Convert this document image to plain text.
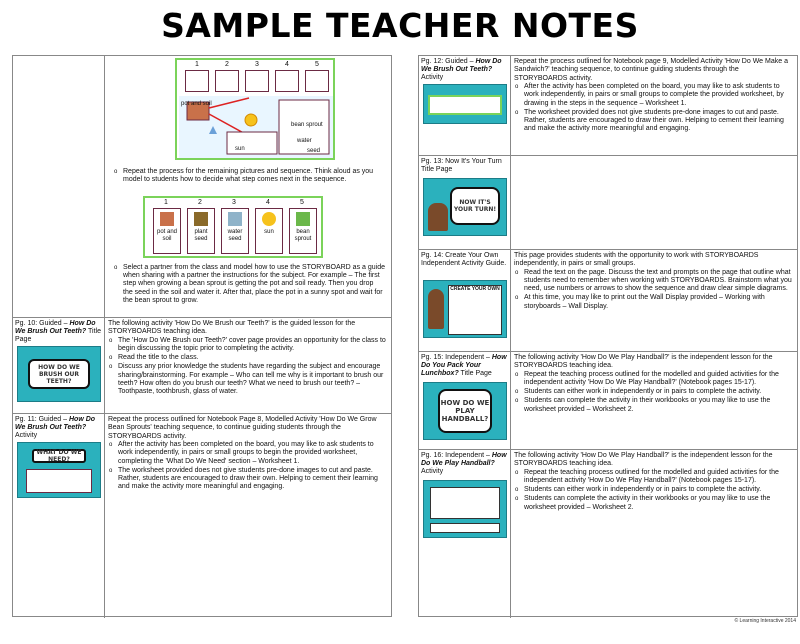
SAMPLE TEACHER NOTES
1	2	3	4	5
pot and soil
bean sprout
water
sun	seed
o Repeat the process for the remaining pictures and sequence. Think aloud as you model to students how to decide what step comes next in the sequence.
1	2	3	4	5
pot and soil
plant seed
water seed
sun	bean sprout
o Select a partner from the class and model how to use the STORYBOARD as a guide when sharing with a partner the instructions for the subject. For example – The first step when growing a bean sprout is getting the pot and soil ready. Then you drop the seed in the soil and water it. After that, place the pot in a sunny spot and wait for the bean sprout to grow.
Pg. 10: Guided – How Do We Brush Out Teeth? Title Page
HOW DO WE BRUSH OUR TEETH?
The following activity 'How Do We Brush our Teeth?' is the guided lesson for the STORYBOARDS teaching idea.
o The 'How Do We Brush our Teeth?' cover page provides an opportunity for the class to begin discussing the topic prior to completing the activity.
o Read the title to the class.
o Discuss any prior knowledge the students have regarding the subject and encourage sharing/brainstorming. For example – Who can tell me why is it important to brush our teeth? How often do you brush our teeth? What we need to brush our teeth? – Toothpaste, toothbrush, glass of water.
Pg. 11: Guided – How Do We Brush Out Teeth? Activity
WHAT DO WE NEED?
Repeat the process outlined for Notebook Page 8, Modelled Activity 'How Do We Grow Bean Sprouts' teaching sequence, to continue guiding students through the STORYBOARDS activity.
o After the activity has been completed on the board, you may like to ask students to work independently, in pairs or small groups to begin the provided worksheet, completing the 'What Do We Need' section – Worksheet 1.
o The worksheet provided does not give students pre-done images to cut and paste. Rather, students are encouraged to draw their own. Helping to cement their learning and make the activity more meaningful and engaging.
Pg. 12: Guided – How Do We Brush Out Teeth? Activity
Repeat the process outlined for Notebook page 9, Modelled Activity 'How Do We Make a Sandwich?' teaching sequence, to continue guiding students through the STORYBOARDS activity.
o After the activity has been completed on the board, you may like to ask students to work independently, in pairs or small groups to complete the provided worksheet, by drawing in the steps in the sequence – Worksheet 1.
o The worksheet provided does not give students pre-done images to cut and paste. Rather, students are encouraged to draw their own. Helping to cement their learning and make the activity more meaningful and engaging.
Pg. 13: Now It's Your Turn Title Page
NOW IT'S YOUR TURN!
Pg. 14: Create Your Own Independent Activity Guide.
CREATE YOUR OWN
This page provides students with the opportunity to work with STORYBOARDS independently, in pairs or small groups.
o Read the text on the page. Discuss the text and prompts on the page that outline what students need to remember when working with STORYBOARDS. Brainstorm what you need, use numbers or arrows to show the sequence and draw clear simple diagrams.
o At this time, you may like to print out the Wall Display provided – Working with storyboards – Wall Display.
Pg. 15: Independent – How Do You Pack Your Lunchbox? Title Page
HOW DO WE PLAY HANDBALL?
The following activity 'How Do We Play Handball?' is the independent lesson for the STORYBOARDS teaching idea.
o Repeat the teaching process outlined for the modelled and guided activities for the independent activity 'How Do We Play Handball?' (Notebook pages 15-17).
o Students can either work in independently or in pairs to complete the activity.
o Students can complete the activity in their workbooks or you may like to use the worksheet provided – Worksheet 2.
Pg. 16: Independent – How Do We Play Handball? Activity
The following activity 'How Do We Play Handball?' is the independent lesson for the STORYBOARDS teaching idea.
o Repeat the teaching process outlined for the modelled and guided activities for the independent activity 'How Do We Play Handball?' (Notebook pages 15-17).
o Students can either work in independently or in pairs to complete the activity.
o Students can complete the activity in their workbooks or you may like to use the worksheet provided – Worksheet 2.
© Learning Interactive 2014
